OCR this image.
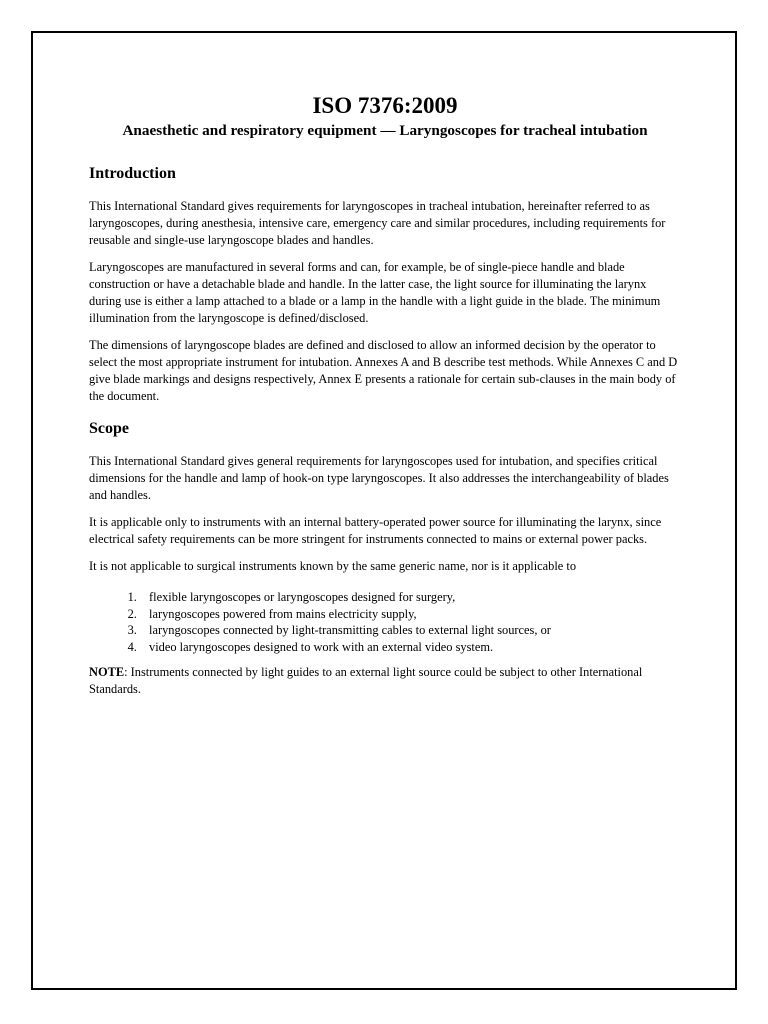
ISO 7376:2009
Anaesthetic and respiratory equipment — Laryngoscopes for tracheal intubation
Introduction

This International Standard gives requirements for laryngoscopes in tracheal intubation, hereinafter referred to as laryngoscopes, during anesthesia, intensive care, emergency care and similar procedures, including requirements for reusable and single-use laryngoscope blades and handles.

Laryngoscopes are manufactured in several forms and can, for example, be of single-piece handle and blade construction or have a detachable blade and handle. In the latter case, the light source for illuminating the larynx during use is either a lamp attached to a blade or a lamp in the handle with a light guide in the blade. The minimum illumination from the laryngoscope is defined/disclosed.

The dimensions of laryngoscope blades are defined and disclosed to allow an informed decision by the operator to select the most appropriate instrument for intubation. Annexes A and B describe test methods. While Annexes C and D give blade markings and designs respectively, Annex E presents a rationale for certain sub-clauses in the main body of the document.

Scope

This International Standard gives general requirements for laryngoscopes used for intubation, and specifies critical dimensions for the handle and lamp of hook-on type laryngoscopes. It also addresses the interchangeability of blades and handles.

It is applicable only to instruments with an internal battery-operated power source for illuminating the larynx, since electrical safety requirements can be more stringent for instruments connected to mains or external power packs.

It is not applicable to surgical instruments known by the same generic name, nor is it applicable to

1. flexible laryngoscopes or laryngoscopes designed for surgery,
2. laryngoscopes powered from mains electricity supply,
3. laryngoscopes connected by light-transmitting cables to external light sources, or
4. video laryngoscopes designed to work with an external video system.

NOTE: Instruments connected by light guides to an external light source could be subject to other International Standards.
